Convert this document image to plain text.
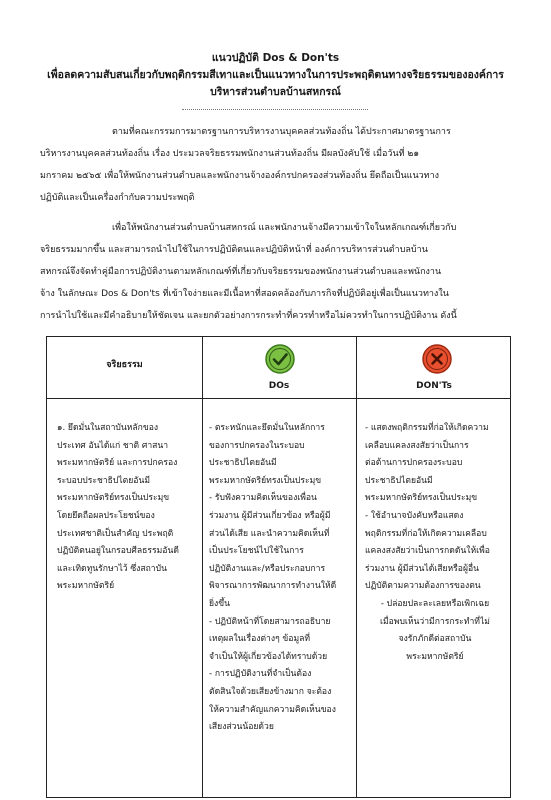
แนวปฏิบัติ Dos & Don'ts
เพื่อลดความสับสนเกี่ยวกับพฤติกรรมสีเทาและเป็นแนวทางในการประพฤติตนทางจริยธรรมขององค์การ
บริหารส่วนตำบลบ้านสหกรณ์
ตามที่คณะกรรมการมาตรฐานการบริหารงานบุคคลส่วนท้องถิ่น ได้ประกาศมาตรฐานการ
บริหารงานบุคคลส่วนท้องถิ่น เรื่อง ประมวลจริยธรรมพนักงานส่วนท้องถิ่น มีผลบังคับใช้ เมื่อวันที่ ๒๑
มกราคม ๒๕๖๕ เพื่อให้พนักงานส่วนตำบลและพนักงานจ้างองค์กรปกครองส่วนท้องถิ่น ยึดถือเป็นแนวทาง
ปฏิบัติและเป็นเครื่องกำกับความประพฤติ
เพื่อให้พนักงานส่วนตำบลบ้านสหกรณ์ และพนักงานจ้างมีความเข้าใจในหลักเกณฑ์เกี่ยวกับ
จริยธรรมมากขึ้น และสามารถนำไปใช้ในการปฏิบัติตนและปฏิบัติหน้าที่ องค์การบริหารส่วนตำบลบ้าน
สหกรณ์จึงจัดทำคู่มือการปฏิบัติงานตามหลักเกณฑ์ที่เกี่ยวกับจริยธรรมของพนักงานส่วนตำบลและพนักงาน
จ้าง ในลักษณะ Dos & Don'ts ที่เข้าใจง่ายและมีเนื้อหาที่สอดคล้องกับภารกิจที่ปฏิบัติอยู่เพื่อเป็นแนวทางใน
การนำไปใช้และมีคำอธิบายให้ชัดเจน และยกตัวอย่างการกระทำที่ควรทำหรือไม่ควรทำในการปฏิบัติงาน ดังนี้
จริยธรรม
DOs	DON'Ts
๑. ยึดมั่นในสถาบันหลักของ
ประเทศ อันได้แก่ ชาติ ศาสนา
พระมหากษัตริย์ และการปกครอง
ระบอบประชาธิปไตยอันมี
พระมหากษัตริย์ทรงเป็นประมุข
โดยยึดถือผลประโยชน์ของ
ประเทศชาติเป็นสำคัญ ประพฤติ
ปฏิบัติตนอยู่ในกรอบศีลธรรมอันดี
และเทิดทูนรักษาไว้ ซึ่งสถาบัน
พระมหากษัตริย์
- ตระหนักและยึดมั่นในหลักการ
ของการปกครองในระบอบ
ประชาธิปไตยอันมี
พระมหากษัตริย์ทรงเป็นประมุข
- รับฟังความคิดเห็นของเพื่อน
ร่วมงาน ผู้มีส่วนเกี่ยวข้อง หรือผู้มี
ส่วนได้เสีย และนำความคิดเห็นที่
เป็นประโยชน์ไปใช้ในการ
ปฏิบัติงานและ/หรือประกอบการ
พิจารณาการพัฒนาการทำงานให้ดี
ยิ่งขึ้น
- ปฏิบัติหน้าที่โดยสามารถอธิบาย
เหตุผลในเรื่องต่างๆ ข้อมูลที่
จำเป็นให้ผู้เกี่ยวข้องได้ทราบด้วย
- การปฏิบัติงานที่จำเป็นต้อง
ตัดสินใจด้วยเสียงข้างมาก จะต้อง
ให้ความสำคัญแกความคิดเห็นของ
เสียงส่วนน้อยด้วย
- แสดงพฤติกรรมที่ก่อให้เกิดความ
เคลือบแคลงสงสัยว่าเป็นการ
ต่อต้านการปกครองระบอบ
ประชาธิปไตยอันมี
พระมหากษัตริย์ทรงเป็นประมุข
- ใช้อำนาจบังคับหรือแสดง
พฤติกรรมที่ก่อให้เกิดความเคลือบ
แคลงสงสัยว่าเป็นการกดดันให้เพื่อ
ร่วมงาน ผู้มีส่วนได้เสียหรือผู้อื่น
ปฏิบัติตามความต้องการของตน
- ปล่อยปละละเลยหรือเพิกเฉย
เมื่อพบเห็นว่ามีการกระทำที่ไม่
จงรักภักดีต่อสถาบัน
พระมหากษัตริย์
